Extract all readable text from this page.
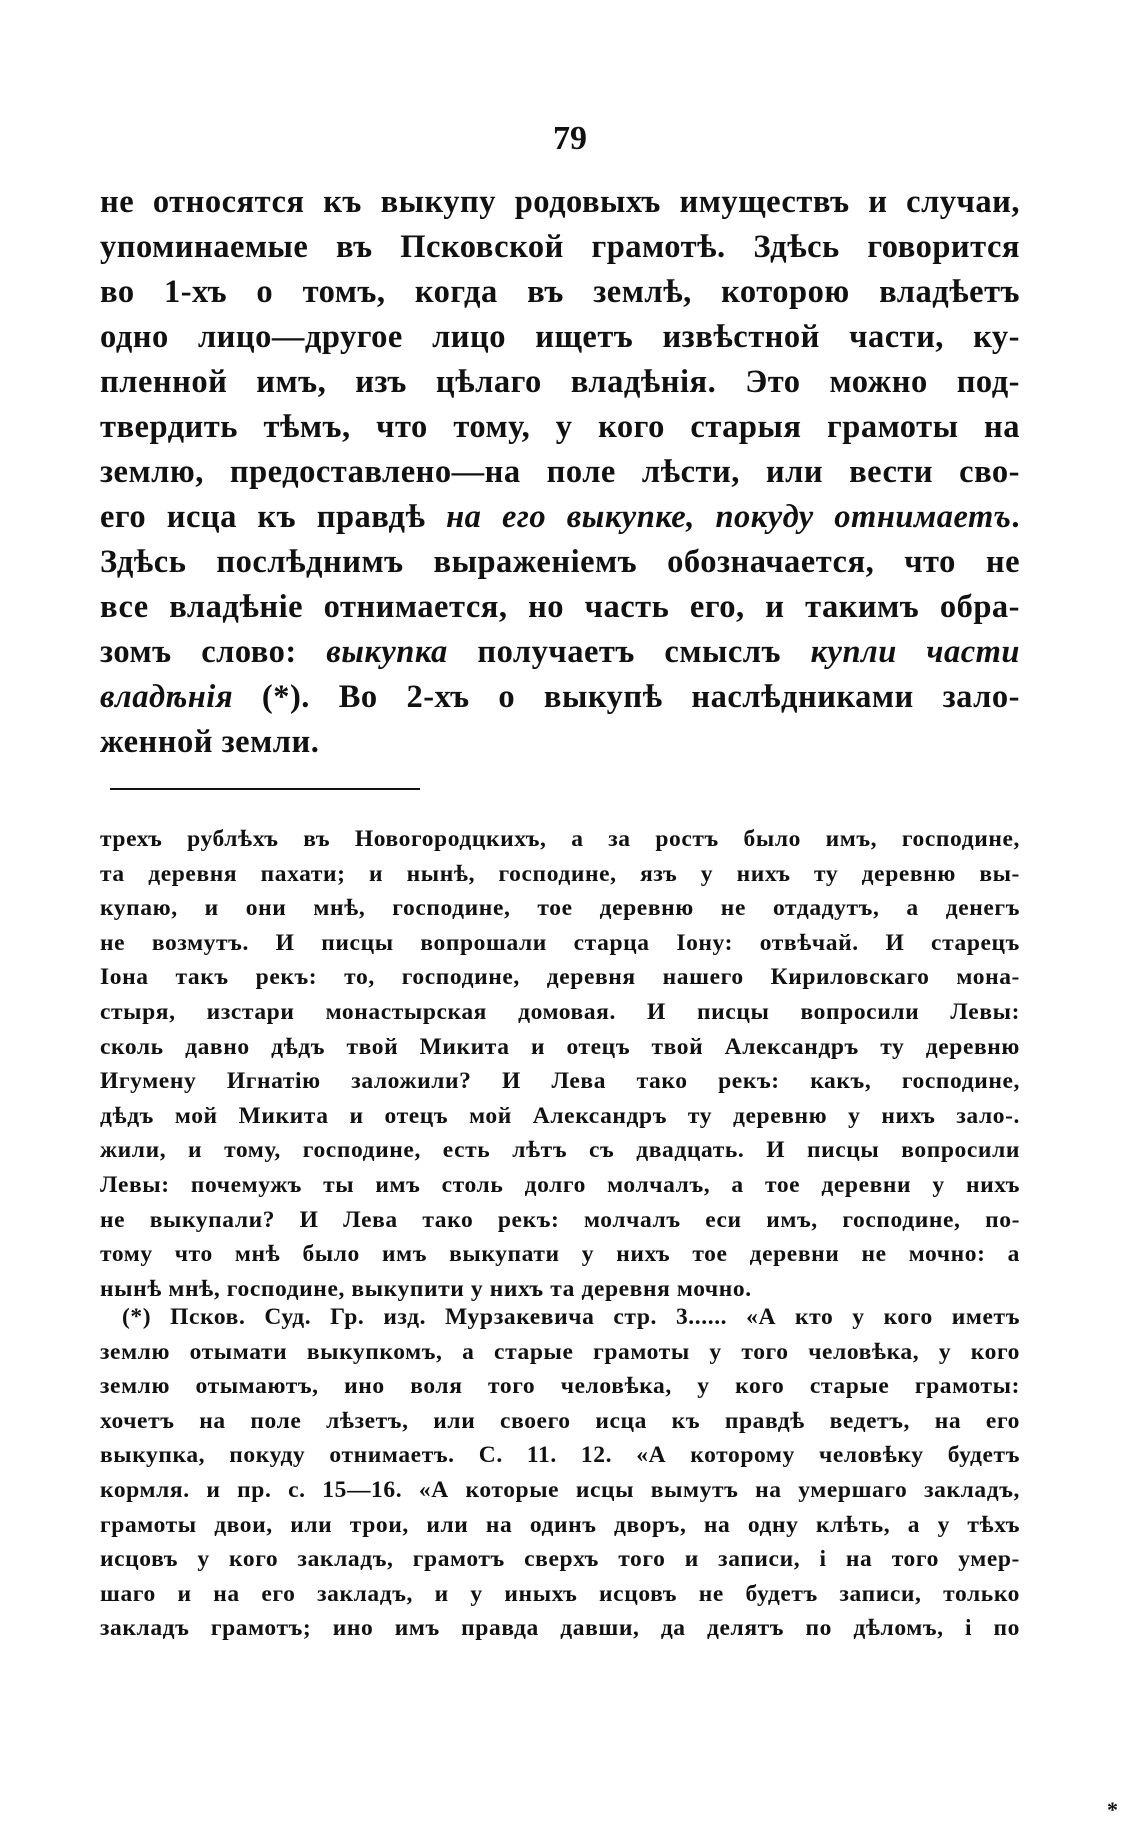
79
не относятся къ выкупу родовыхъ имуществъ и случаи,
упоминаемые въ Псковской грамотѣ. Здѣсь говорится
во 1-хъ о томъ, когда въ землѣ, которою владѣетъ
одно лицо—другое лицо ищетъ извѣстной части, ку-
пленной имъ, изъ цѣлаго владѣнія. Это можно под-
твердить тѣмъ, что тому, у кого старыя грамоты на
землю, предоставлено—на поле лѣсти, или вести сво-
его исца къ правдѣ на его выкупке, покуду отнимаетъ.
Здѣсь послѣднимъ выраженіемъ обозначается, что не
все владѣніе отнимается, но часть его, и такимъ обра-
зомъ слово: выкупка получаетъ смыслъ купли части
владѣнія (*). Во 2-хъ о выкупѣ наслѣдниками зало-
женной земли.
трехъ рублѣхъ въ Новогородцкихъ, а за ростъ было имъ, господине,
та деревня пахати; и нынѣ, господине, язъ у нихъ ту деревню вы-
купаю, и они мнѣ, господине, тое деревню не отдадутъ, а денегъ
не возмутъ. И писцы вопрошали старца Іону: отвѣчай. И старецъ
Іона такъ рекъ: то, господине, деревня нашего Кириловскаго мона-
стыря, изстари монастырская домовая. И писцы вопросили Левы:
сколь давно дѣдъ твой Микита и отецъ твой Александръ ту деревню
Игумену Игнатію заложили? И Лева тако рекъ: какъ, господине,
дѣдъ мой Микита и отецъ мой Александръ ту деревню у нихъ зало-.
жили, и тому, господине, есть лѣтъ съ двадцать. И писцы вопросили
Левы: почемужъ ты имъ столь долго молчалъ, а тое деревни у нихъ
не выкупали? И Лева тако рекъ: молчалъ еси имъ, господине, по-
тому что мнѣ было имъ выкупати у нихъ тое деревни не мочно: а
нынѣ мнѣ, господине, выкупити у нихъ та деревня мочно.
(*) Псков. Суд. Гр. изд. Мурзакевича стр. 3...... «А кто у кого иметъ
землю отымати выкупкомъ, а старые грамоты у того человѣка, у кого
землю отымаютъ, ино воля того человѣка, у кого старые грамоты:
хочетъ на поле лѣзетъ, или своего исца къ правдѣ ведетъ, на его
выкупка, покуду отнимаетъ. С. 11. 12. «А которому человѣку будетъ
кормля. и пр. с. 15—16. «А которые исцы вымутъ на умершаго закладъ,
грамоты двои, или трои, или на одинъ дворъ, на одну клѣть, а у тѣхъ
исцовъ у кого закладъ, грамотъ сверхъ того и записи, і на того умер-
шаго и на его закладъ, и у иныхъ исцовъ не будетъ записи, только
закладъ грамотъ; ино имъ правда давши, да делятъ по дѣломъ, і по
*
